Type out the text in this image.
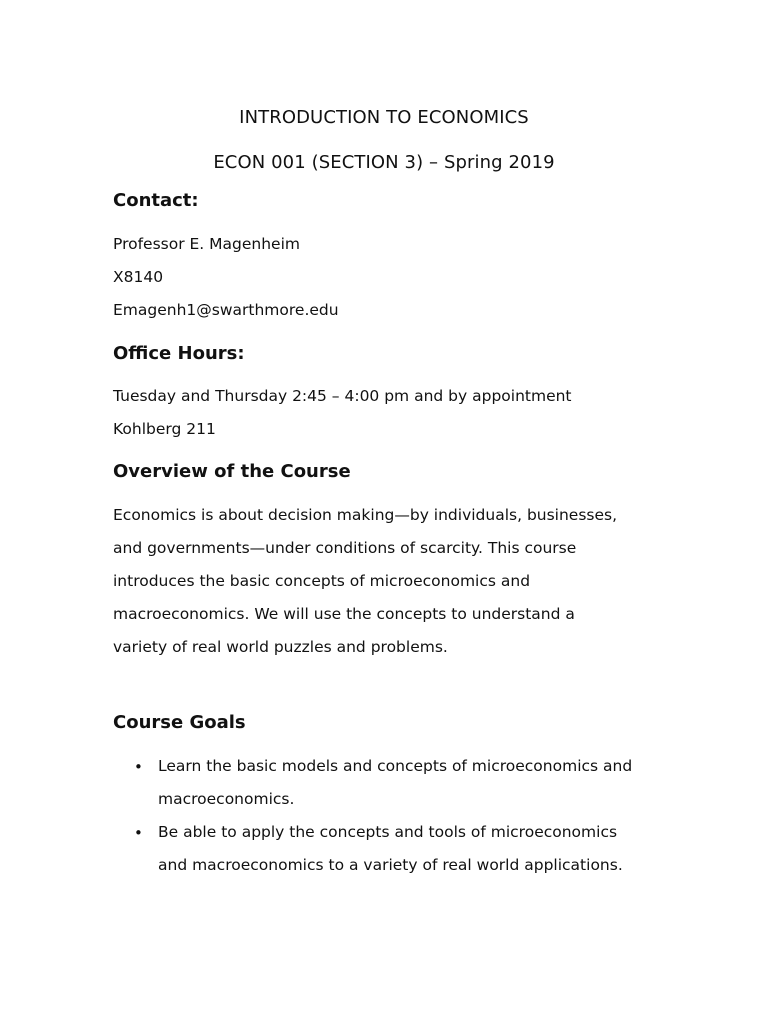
INTRODUCTION TO ECONOMICS
ECON 001 (SECTION 3) – Spring 2019
Contact:
Professor E. Magenheim
X8140
Emagenh1@swarthmore.edu
Office Hours:
Tuesday and Thursday 2:45 – 4:00 pm and by appointment
Kohlberg 211
Overview of the Course
Economics is about decision making—by individuals, businesses,
and governments—under conditions of scarcity. This course
introduces the basic concepts of microeconomics and
macroeconomics. We will use the concepts to understand a
variety of real world puzzles and problems.
Course Goals
• Learn the basic models and concepts of microeconomics and
macroeconomics.
• Be able to apply the concepts and tools of microeconomics
and macroeconomics to a variety of real world applications.
